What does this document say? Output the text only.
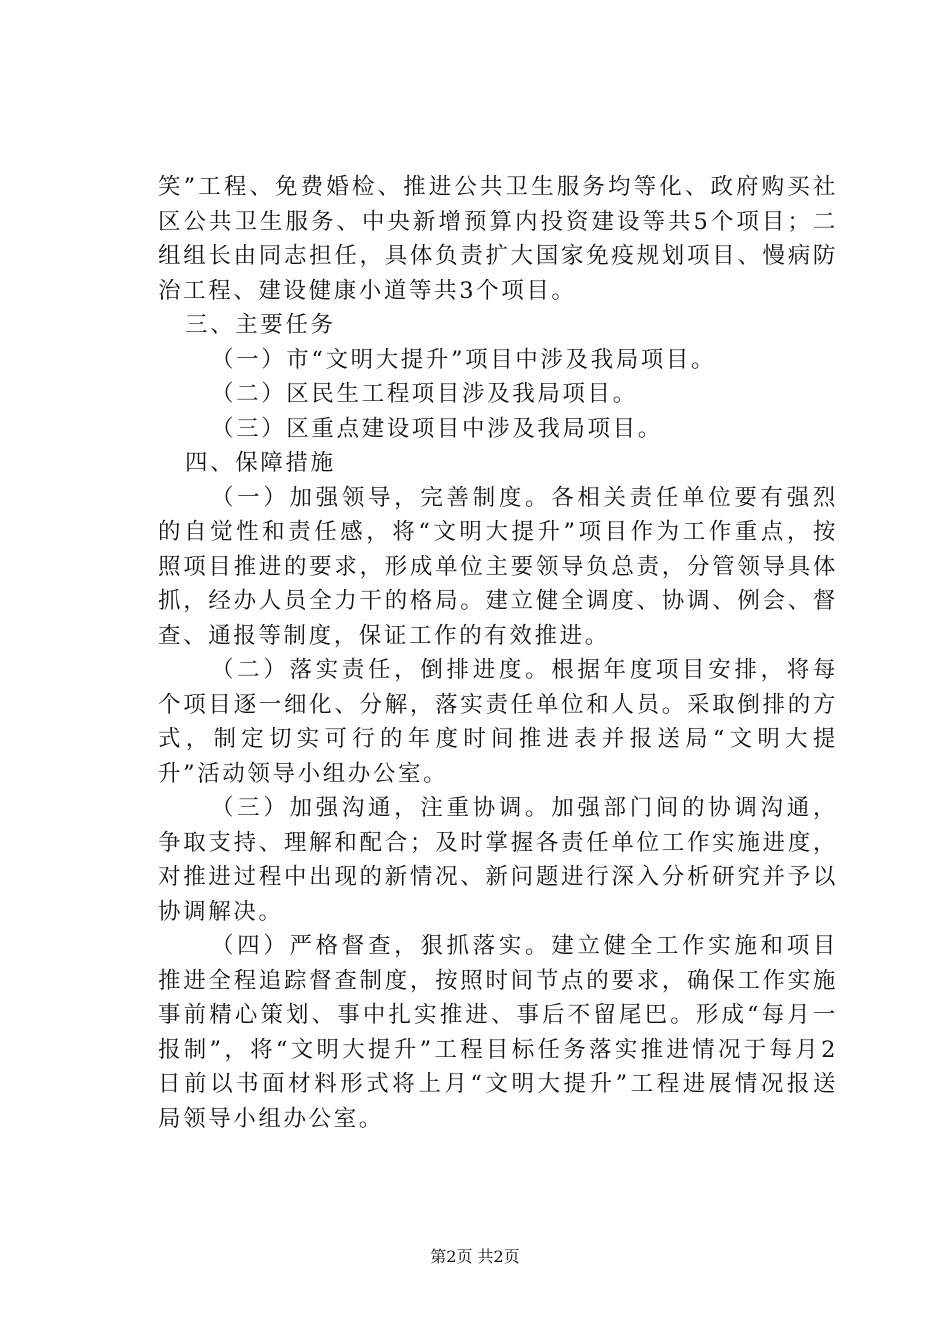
笑”工程、免费婚检、推进公共卫生服务均等化、政府购买社区公共卫生服务、中央新增预算内投资建设等共5个项目；二组组长由同志担任，具体负责扩大国家免疫规划项目、慢病防治工程、建设健康小道等共3个项目。

三、主要任务

（一）市“文明大提升”项目中涉及我局项目。

（二）区民生工程项目涉及我局项目。

（三）区重点建设项目中涉及我局项目。

四、保障措施

（一）加强领导，完善制度。各相关责任单位要有强烈的自觉性和责任感，将“文明大提升”项目作为工作重点，按照项目推进的要求，形成单位主要领导负总责，分管领导具体抓，经办人员全力干的格局。建立健全调度、协调、例会、督查、通报等制度，保证工作的有效推进。

（二）落实责任，倒排进度。根据年度项目安排，将每个项目逐一细化、分解，落实责任单位和人员。采取倒排的方式，制定切实可行的年度时间推进表并报送局“文明大提升”活动领导小组办公室。

（三）加强沟通，注重协调。加强部门间的协调沟通，争取支持、理解和配合；及时掌握各责任单位工作实施进度，对推进过程中出现的新情况、新问题进行深入分析研究并予以协调解决。

（四）严格督查，狠抓落实。建立健全工作实施和项目推进全程追踪督查制度，按照时间节点的要求，确保工作实施事前精心策划、事中扎实推进、事后不留尾巴。形成“每月一报制”，将“文明大提升”工程目标任务落实推进情况于每月2日前以书面材料形式将上月“文明大提升”工程进展情况报送局领导小组办公室。

第2页 共2页
